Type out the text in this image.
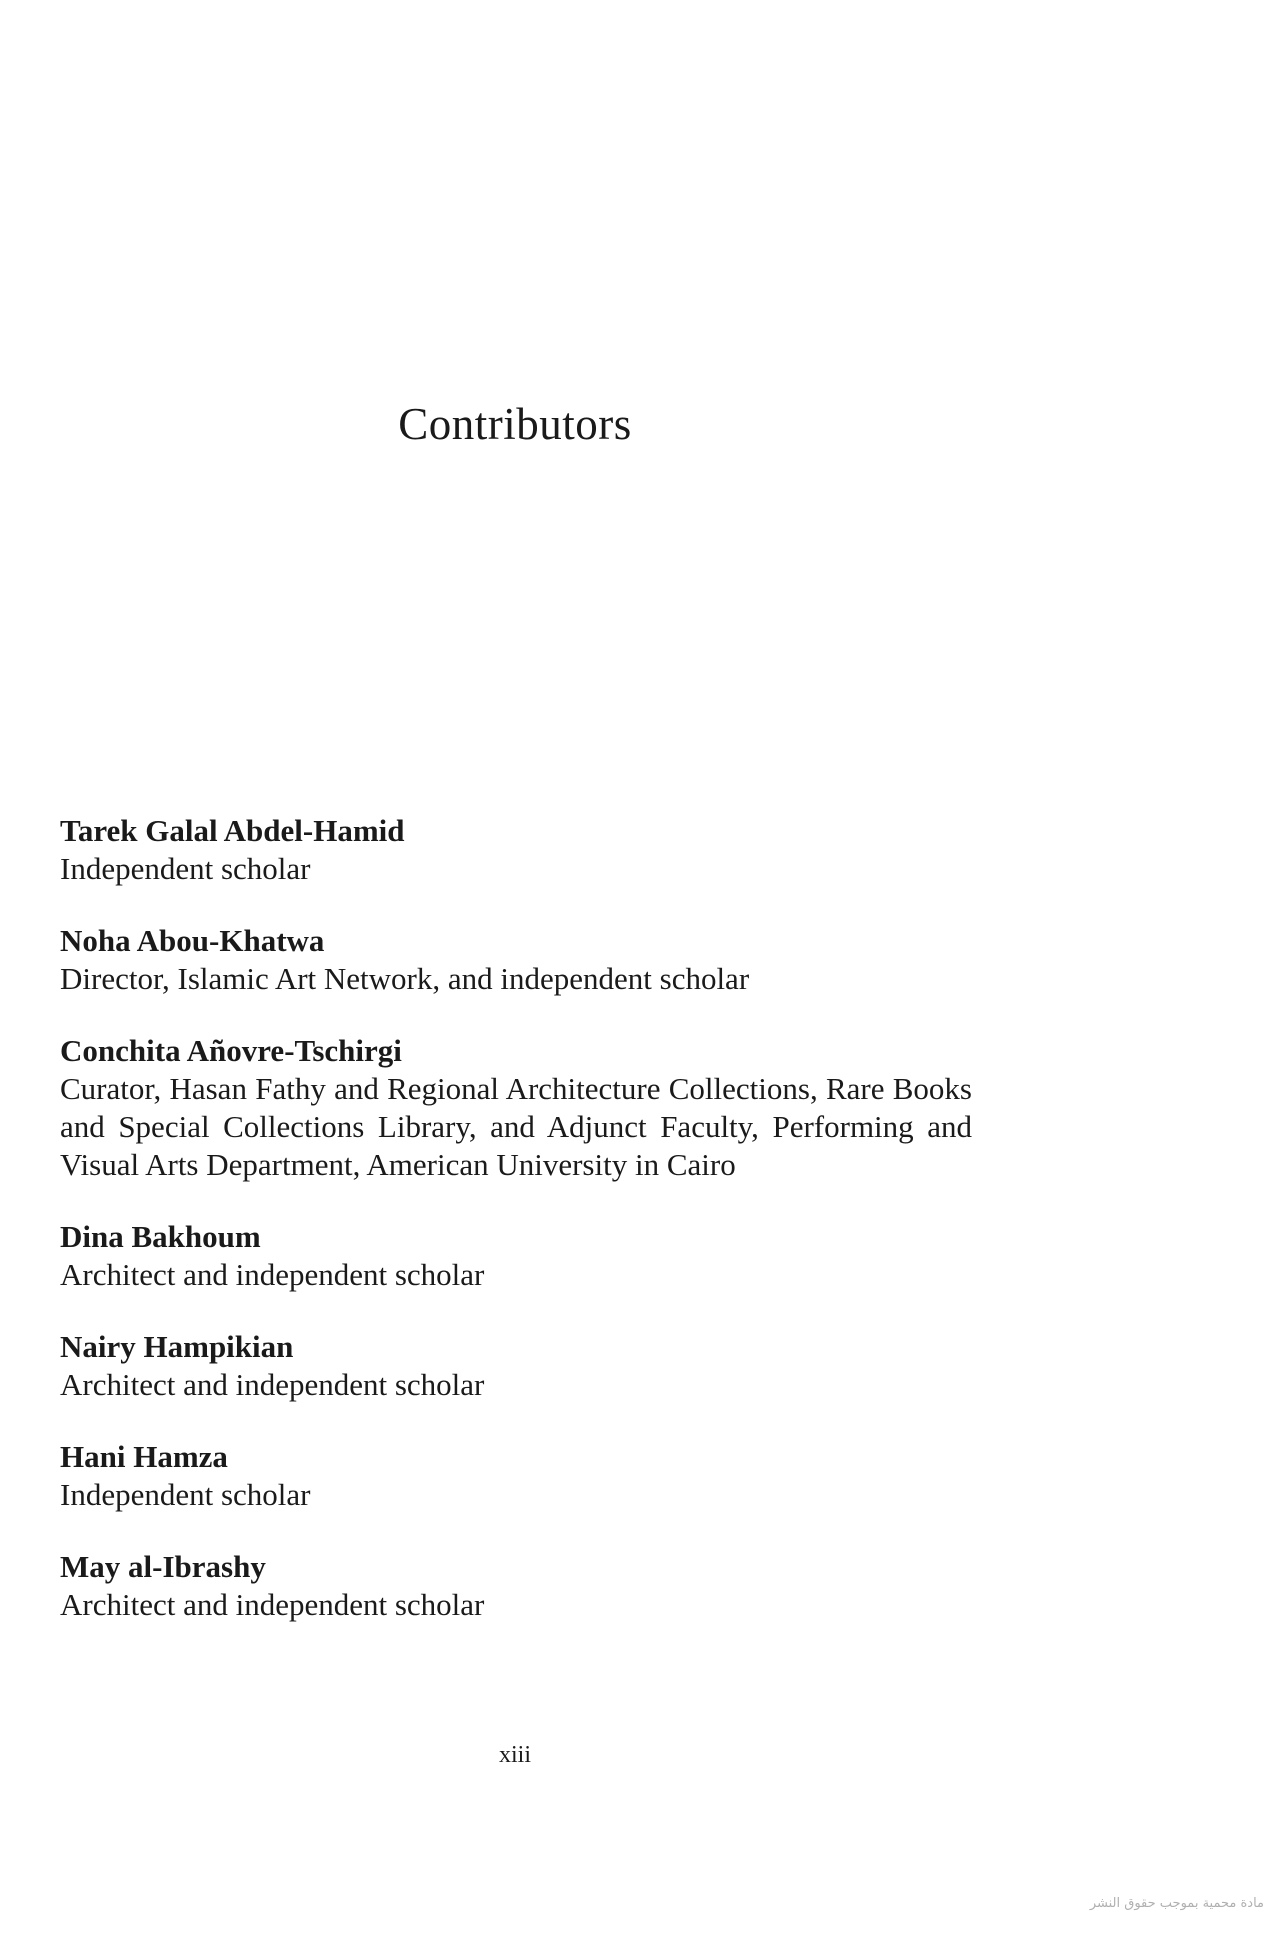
Contributors

Tarek Galal Abdel-Hamid

Independent scholar

Noha Abou-Khatwa

Director, Islamic Art Network, and independent scholar

Conchita Añovre-Tschirgi

Curator, Hasan Fathy and Regional Architecture Collections, Rare Books and Special Collections Library, and Adjunct Faculty, Performing and Visual Arts Department, American University in Cairo

Dina Bakhoum

Architect and independent scholar

Nairy Hampikian

Architect and independent scholar

Hani Hamza

Independent scholar

May al-Ibrashy

Architect and independent scholar

xiii
مادة محمية بموجب حقوق النشر
